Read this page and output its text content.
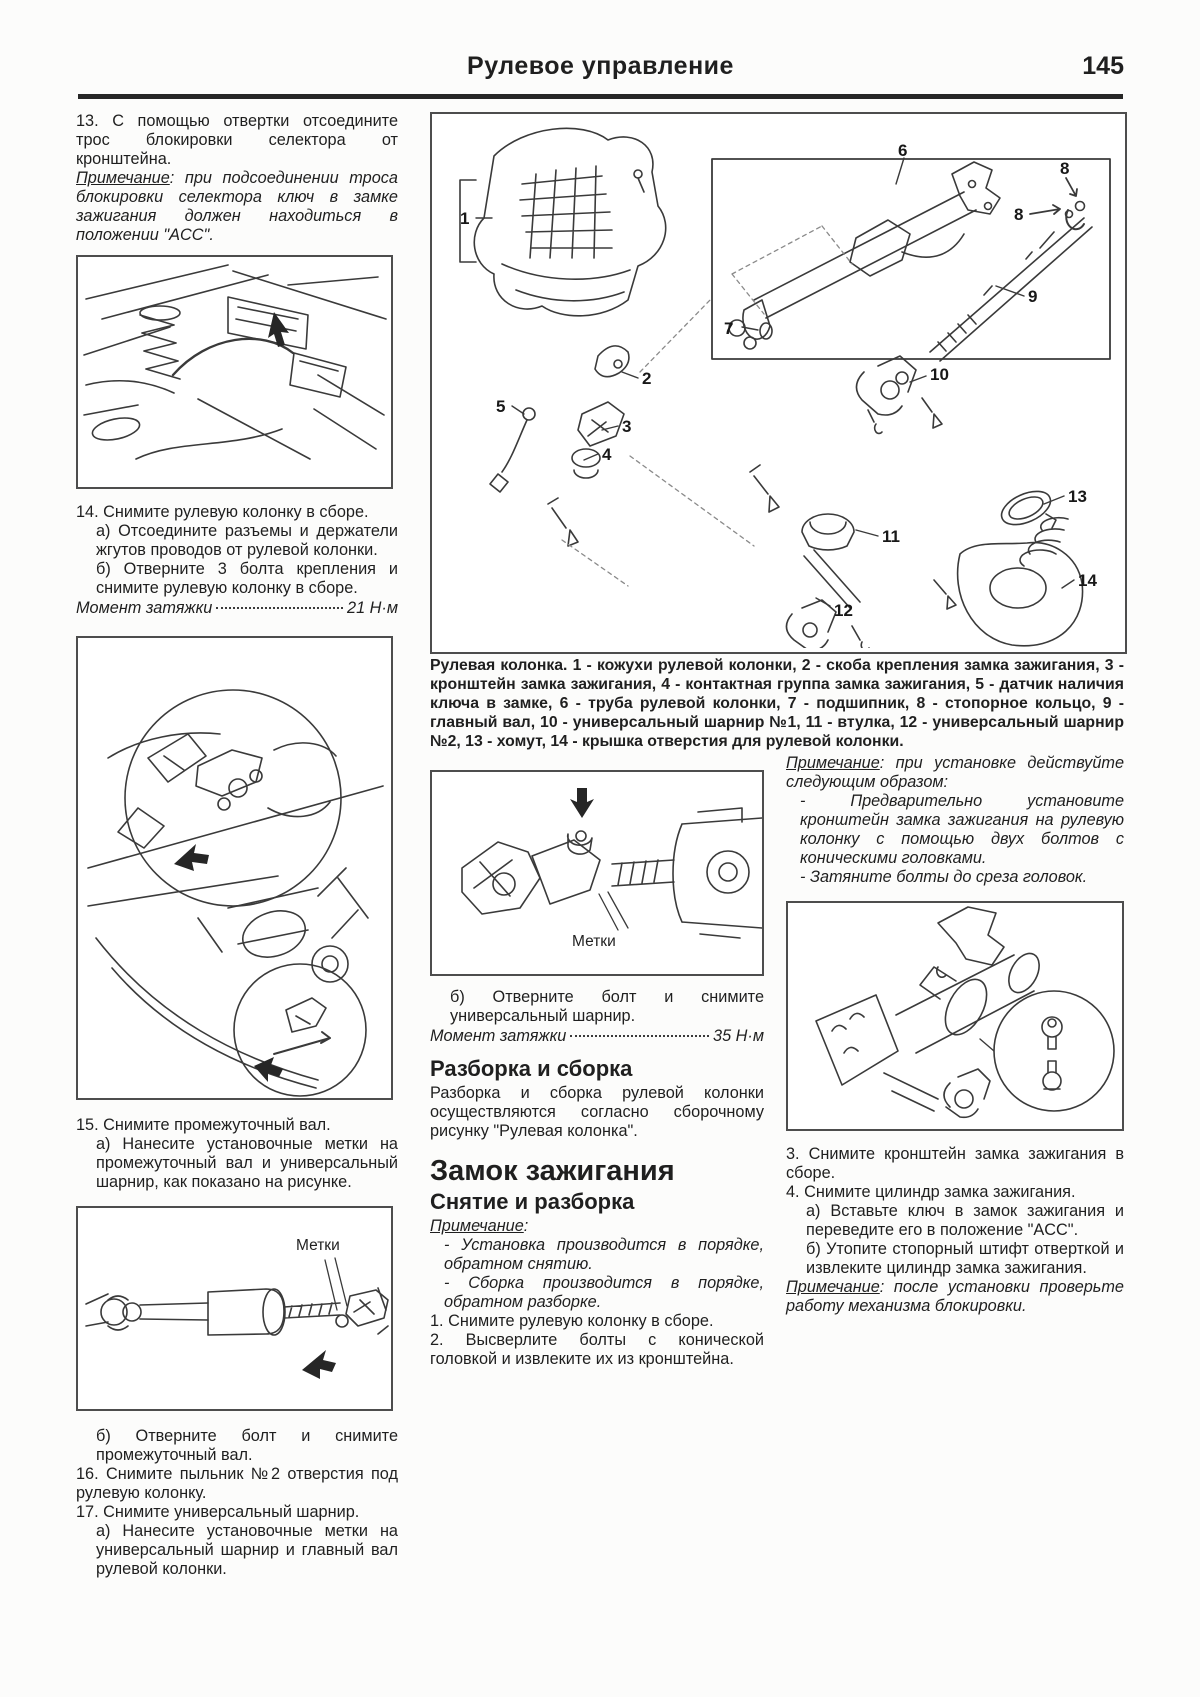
Рулевое управление	145

13. С помощью отвертки отсоедините трос блокировки селектора от кронштейна.

Примечание: при подсоединении троса блокировки селектора ключ в замке зажигания должен находиться в положении "ACC".

14. Снимите рулевую колонку в сборе.

а) Отсоедините разъемы и держатели жгутов проводов от рулевой колонки.

б) Отверните 3 болта крепления и снимите рулевую колонку в сборе.

Момент затяжки	21 Н·м

15. Снимите промежуточный вал.

а) Нанесите установочные метки на промежуточный вал и универсальный шарнир, как показано на рисунке.

Метки

б) Отверните болт и снимите промежуточный вал.

16. Снимите пыльник №2 отверстия под рулевую колонку.

17. Снимите универсальный шарнир.

а) Нанесите установочные метки на универсальный шарнир и главный вал рулевой колонки.

1
2
3
4
5
6
7
8
8
9
10
11
12
13
14
Рулевая колонка. 1 - кожухи рулевой колонки, 2 - скоба крепления замка зажигания, 3 - кронштейн замка зажигания, 4 - контактная группа замка зажигания, 5 - датчик наличия ключа в замке, 6 - труба рулевой колонки, 7 - подшипник, 8 - стопорное кольцо, 9 - главный вал, 10 - универсальный шарнир №1, 11 - втулка, 12 - универсальный шарнир №2, 13 - хомут, 14 - крышка отверстия для рулевой колонки.
Метки

б) Отверните болт и снимите универсальный шарнир.

Момент затяжки	35 Н·м

Разборка и сборка

Разборка и сборка рулевой колонки осуществляются согласно сборочному рисунку "Рулевая колонка".

Замок зажигания

Снятие и разборка

Примечание:

- Установка производится в порядке, обратном снятию.

- Сборка производится в порядке, обратном разборке.

1. Снимите рулевую колонку в сборе.

2. Высверлите болты с конической головкой и извлеките их из кронштейна.

Примечание: при установке действуйте следующим образом:

- Предварительно установите кронштейн замка зажигания на рулевую колонку с помощью двух болтов с коническими головками.

- Затяните болты до среза головок.

3. Снимите кронштейн замка зажигания в сборе.

4. Снимите цилиндр замка зажигания.

а) Вставьте ключ в замок зажигания и переведите его в положение "ACC".

б) Утопите стопорный штифт отверткой и извлеките цилиндр замка зажигания.

Примечание: после установки проверьте работу механизма блокировки.
